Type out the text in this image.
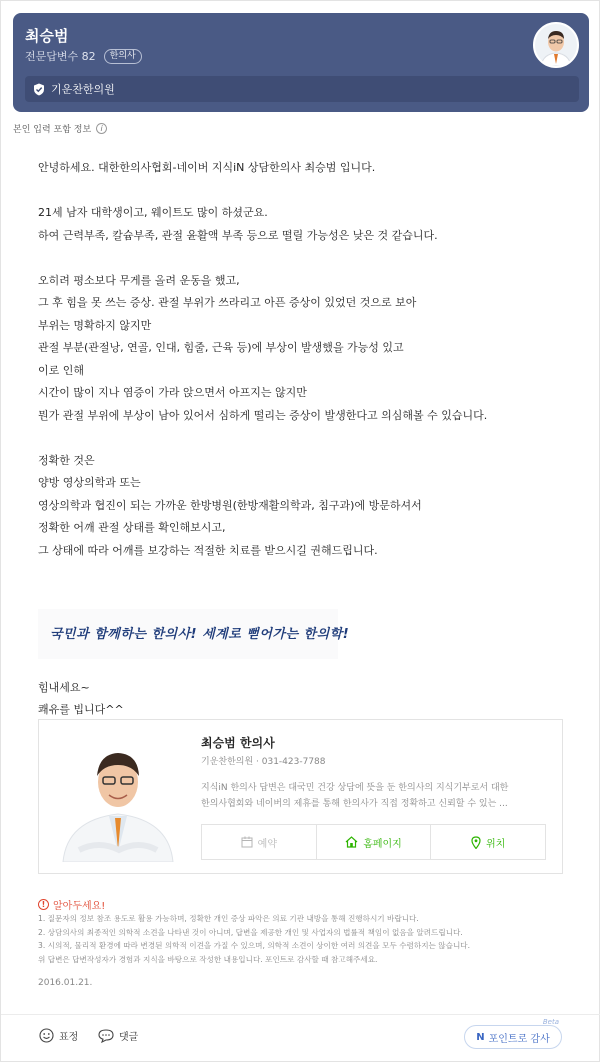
최승범
전문답변수 82	한의사
기운찬한의원
본인 입력 포함 정보	i
안녕하세요. 대한한의사협회-네이버 지식iN 상담한의사 최승범 입니다.
21세 남자 대학생이고, 웨이트도 많이 하셨군요.
하여 근력부족, 칼슘부족, 관절 윤활액 부족 등으로 떨릴 가능성은 낮은 것 같습니다.
오히려 평소보다 무게를 올려 운동을 했고,
그 후 힘을 못 쓰는 증상. 관절 부위가 쓰라리고 아픈 증상이 있었던 것으로 보아
부위는 명확하지 않지만
관절 부분(관절낭, 연골, 인대, 힘줄, 근육 등)에 부상이 발생했을 가능성 있고
이로 인해
시간이 많이 지나 염증이 가라 앉으면서 아프지는 않지만
뭔가 관절 부위에 부상이 남아 있어서 심하게 떨리는 증상이 발생한다고 의심해볼 수 있습니다.
정확한 것은
양방 영상의학과 또는
영상의학과 협진이 되는 가까운 한방병원(한방재활의학과, 침구과)에 방문하셔서
정확한 어깨 관절 상태를 확인해보시고,
그 상태에 따라 어깨를 보강하는 적절한 치료를 받으시길 권해드립니다.
국민과 함께하는 한의사! 세계로 뻗어가는 한의학!
힘내세요~
쾌유를 빕니다^^
최승범 한의사
기운찬한의원 · 031-423-7788
지식iN 한의사 답변은 대국민 건강 상담에 뜻을 둔 한의사의 지식기부로서 대한
한의사협회와 네이버의 제휴를 통해 한의사가 직접 정확하고 신뢰할 수 있는 ...
예약	홈페이지	위치
! 알아두세요!
1. 질문자의 정보 참조 용도로 활용 가능하며, 정확한 개인 증상 파악은 의료 기관 내방을 통해 진행하시기 바랍니다.
2. 상담의사의 최종적인 의학적 소견을 나타낸 것이 아니며, 답변을 제공한 개인 및 사업자의 법률적 책임이 없음을 알려드립니다.
3. 시의적, 물리적 환경에 따라 변경된 의학적 이견을 가질 수 있으며, 의학적 소견이 상이한 여러 의견을 모두 수렴하지는 않습니다.
위 답변은 답변작성자가 경험과 지식을 바탕으로 작성한 내용입니다. 포인트로 감사할 때 참고해주세요.
2016.01.21.
표정	댓글
Beta
N 포인트로 감사
